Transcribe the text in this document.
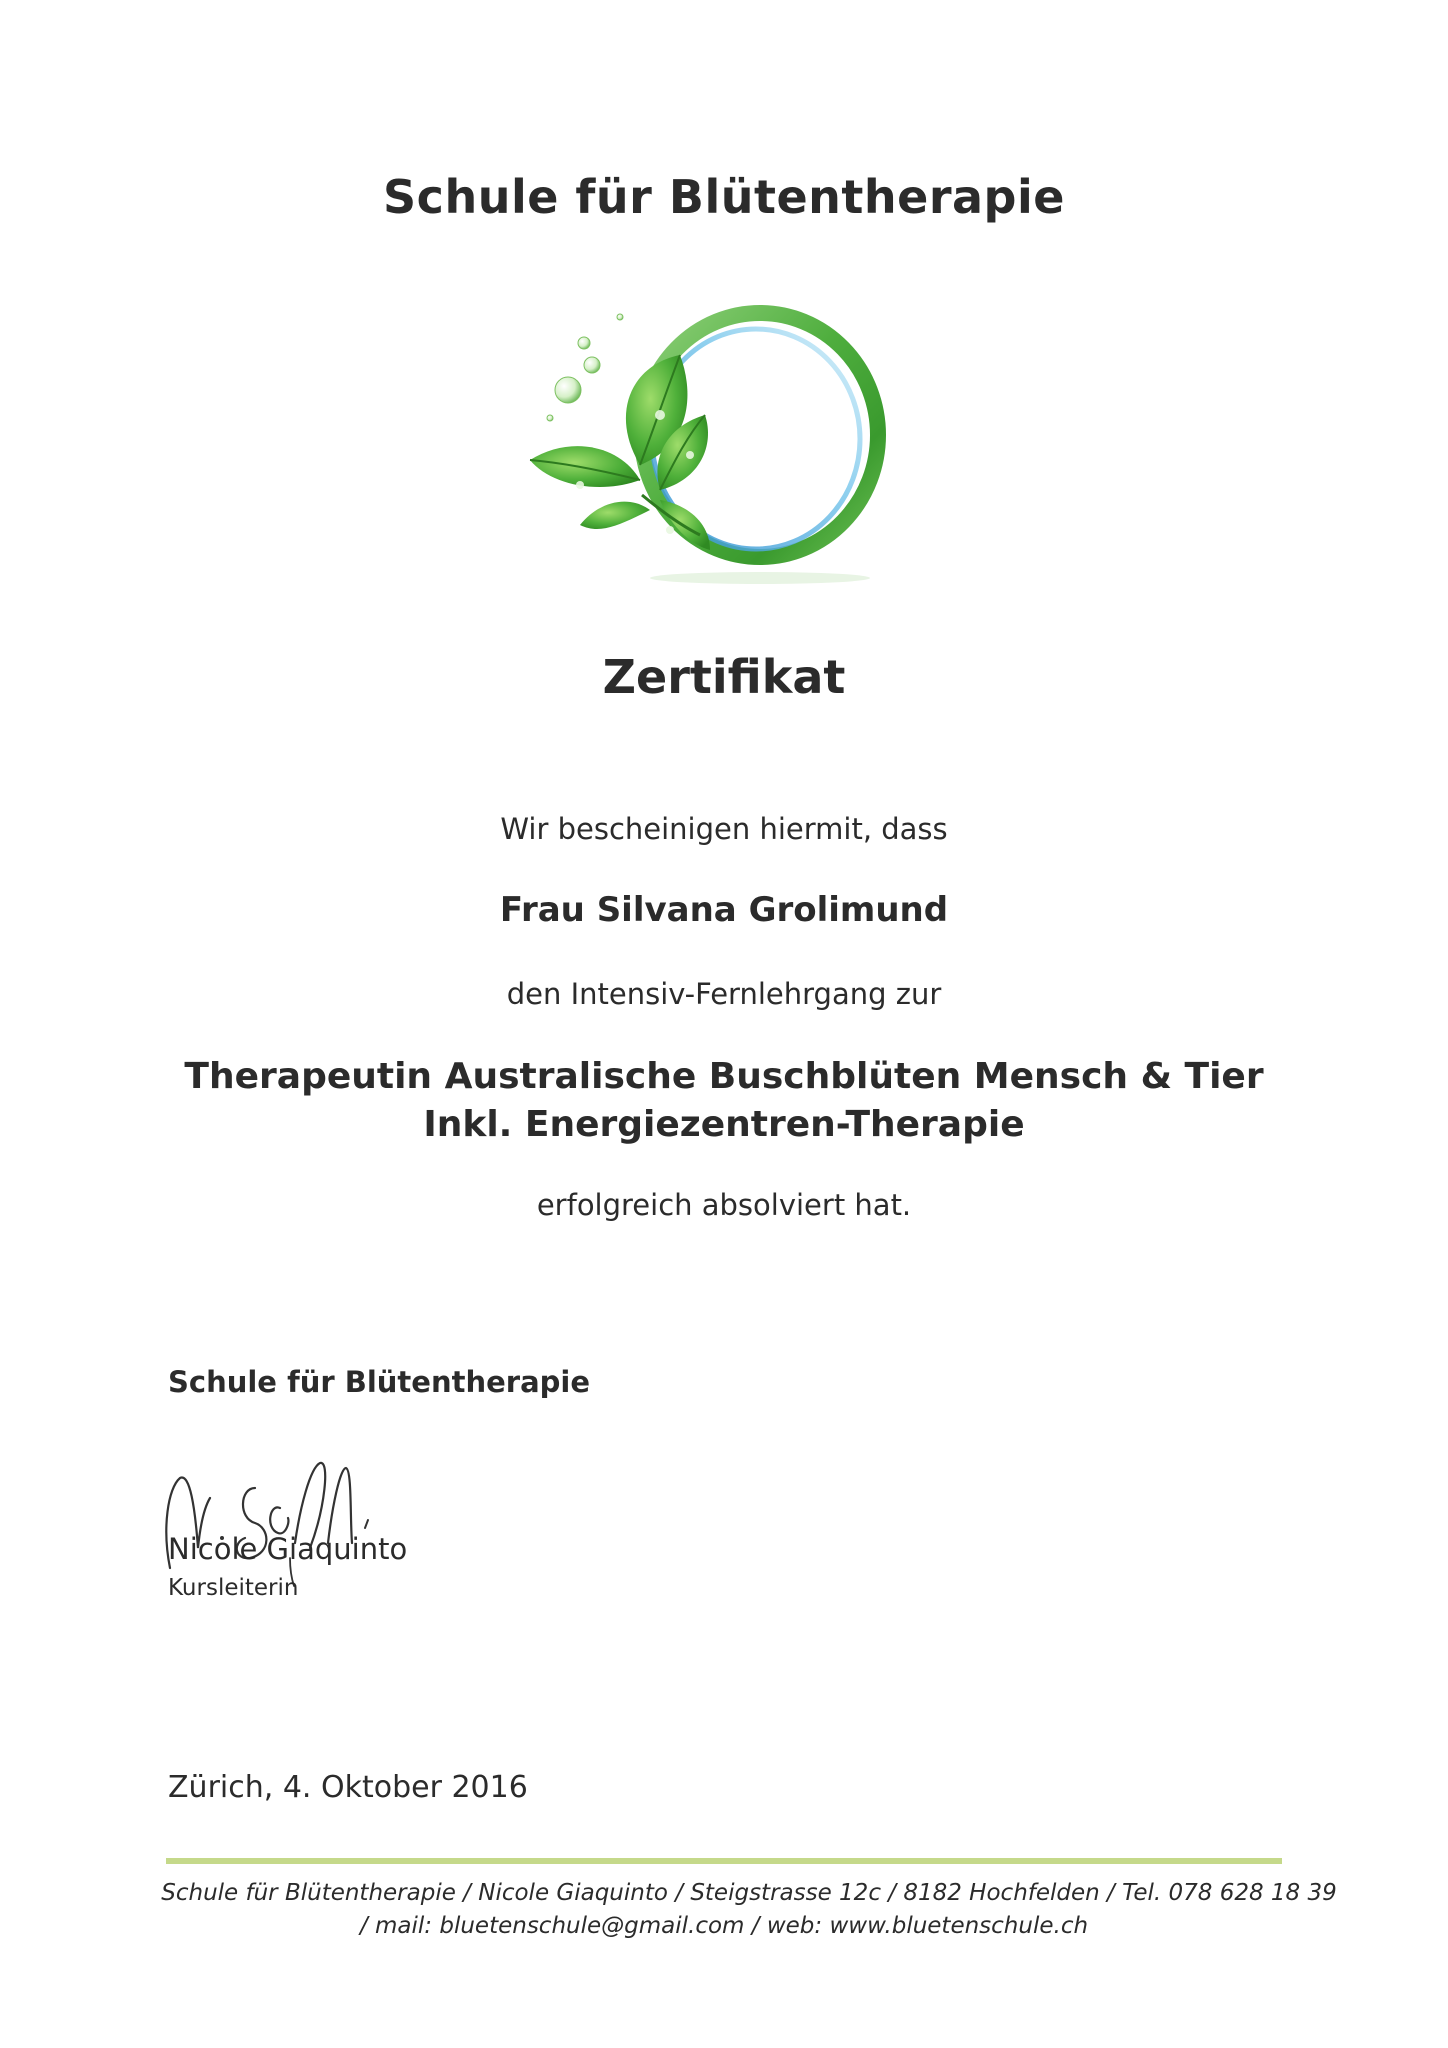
Schule für Blütentherapie
Zertifikat
Wir bescheinigen hiermit, dass
Frau Silvana Grolimund
den Intensiv-Fernlehrgang zur
Therapeutin Australische Buschblüten Mensch & Tier
Inkl. Energiezentren-Therapie
erfolgreich absolviert hat.
Schule für Blütentherapie
Nicole Giaquinto
Kursleiterin
Zürich, 4. Oktober 2016
Schule für Blütentherapie / Nicole Giaquinto / Steigstrasse 12c / 8182 Hochfelden / Tel. 078 628 18 39
/ mail: bluetenschule@gmail.com / web: www.bluetenschule.ch
